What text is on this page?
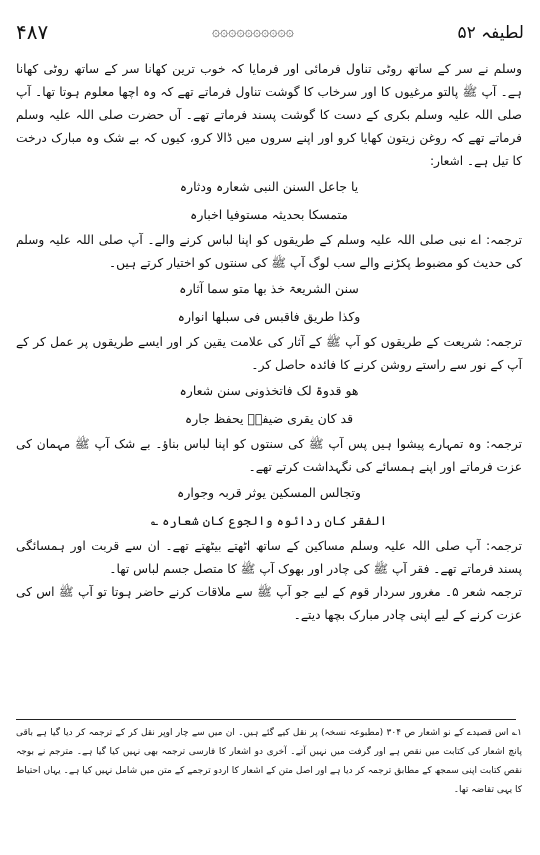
۴۸۷	۞۞۞۞۞۞۞۞۞۞	لطیفہ ۵۲

وسلم نے سر کے ساتھ روٹی تناول فرمائی اور فرمایا کہ خوب ترین کھانا سر کے ساتھ روٹی کھانا ہے۔ آپ ﷺ پالتو مرغیوں کا اور سرخاب کا گوشت تناول فرماتے تھے کہ وہ اچھا معلوم ہوتا تھا۔ آپ صلی اللہ علیہ وسلم بکری کے دست کا گوشت پسند فرماتے تھے۔ آں حضرت صلی اللہ علیہ وسلم فرماتے تھے کہ روغن زیتون کھایا کرو اور اپنے سروں میں ڈالا کرو، کیوں کہ بے شک وہ مبارک درخت کا تیل ہے۔ اشعار:

یا جاعل السنن النبی شعارہ ودثارہ

متمسکا بحدیثہ مستوفیا اخبارہ

ترجمہ: اے نبی صلی اللہ علیہ وسلم کے طریقوں کو اپنا لباس کرنے والے۔ آپ صلی اللہ علیہ وسلم کی حدیث کو مضبوط پکڑنے والے سب لوگ آپ ﷺ کی سنتوں کو اختیار کرتے ہیں۔

سنن الشریعۃ خذ بھا متو سما آثارہ

وکذا طریق فاقبس فی سبلھا انوارہ

ترجمہ: شریعت کے طریقوں کو آپ ﷺ کے آثار کی علامت یقین کر اور ایسے طریقوں پر عمل کر کے آپ کے نور سے راستے روشن کرنے کا فائدہ حاصل کر۔

ھو قدوۃ لک فاتخذونی سنن شعارہ

قد کان یقری ضیفہٗ یحفظ جارہ

ترجمہ: وہ تمہارے پیشوا ہیں پس آپ ﷺ کی سنتوں کو اپنا لباس بناؤ۔ بے شک آپ ﷺ مہمان کی عزت فرماتے اور اپنے ہمسائے کی نگہداشت کرتے تھے۔

وتجالس المسکین یوثر قربہ وجوارہ

الفقر کان ردائوہ والجوع کان شعارہ ؎

ترجمہ: آپ صلی اللہ علیہ وسلم مساکین کے ساتھ اٹھتے بیٹھتے تھے۔ ان سے قربت اور ہمسائگی پسند فرماتے تھے۔ فقر آپ ﷺ کی چادر اور بھوک آپ ﷺ کا متصل جسم لباس تھا۔

ترجمہ شعر ۵۔ مغرور سردار قوم کے لیے جو آپ ﷺ سے ملاقات کرنے حاضر ہوتا تو آپ ﷺ اس کی عزت کرنے کے لیے اپنی چادر مبارک بچھا دیتے۔

۱؎ اس قصیدے کے نو اشعار ص ۳۰۴ (مطبوعہ نسخہ) پر نقل کیے گئے ہیں۔ ان میں سے چار اوپر نقل کر کے ترجمہ کر دیا گیا ہے باقی پانچ اشعار کی کتابت میں نقص ہے اور گرفت میں نہیں آتے۔ آخری دو اشعار کا فارسی ترجمہ بھی نہیں کیا گیا ہے۔ مترجم نے بوجہ نقص کتابت اپنی سمجھ کے مطابق ترجمہ کر دیا ہے اور اصل متن کے اشعار کا اردو ترجمے کے متن میں شامل نہیں کیا ہے۔ یہاں احتیاط کا یہی تقاضہ تھا۔
